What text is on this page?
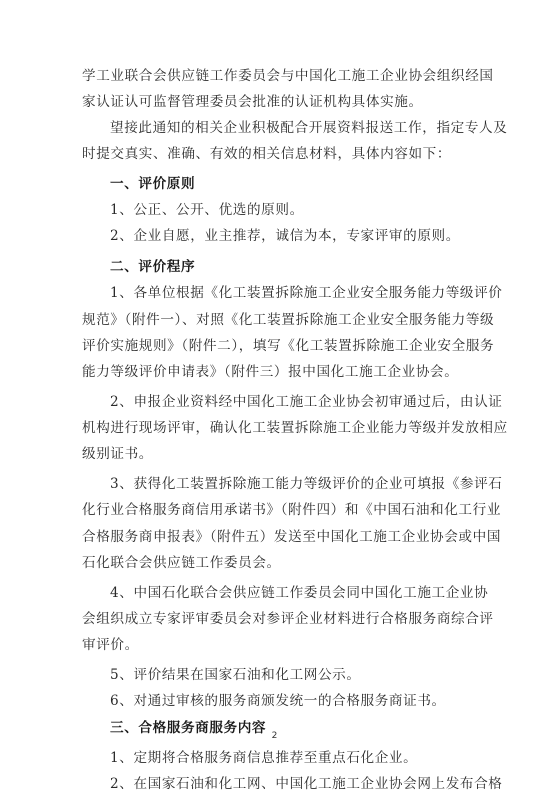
学工业联合会供应链工作委员会与中国化工施工企业协会组织经国
家认证认可监督管理委员会批准的认证机构具体实施。
望接此通知的相关企业积极配合开展资料报送工作，指定专人及
时提交真实、准确、有效的相关信息材料，具体内容如下：
一、评价原则
1、公正、公开、优选的原则。
2、企业自愿，业主推荐，诚信为本，专家评审的原则。
二、评价程序
1、各单位根据《化工装置拆除施工企业安全服务能力等级评价
规范》（附件一）、对照《化工装置拆除施工企业安全服务能力等级
评价实施规则》（附件二），填写《化工装置拆除施工企业安全服务
能力等级评价申请表》（附件三）报中国化工施工企业协会。
2、申报企业资料经中国化工施工企业协会初审通过后，由认证
机构进行现场评审，确认化工装置拆除施工企业能力等级并发放相应
级别证书。
3、获得化工装置拆除施工能力等级评价的企业可填报《参评石
化行业合格服务商信用承诺书》（附件四）和《中国石油和化工行业
合格服务商申报表》（附件五）发送至中国化工施工企业协会或中国
石化联合会供应链工作委员会。
4、中国石化联合会供应链工作委员会同中国化工施工企业协
会组织成立专家评审委员会对参评企业材料进行合格服务商综合评
审评价。
5、评价结果在国家石油和化工网公示。
6、对通过审核的服务商颁发统一的合格服务商证书。
三、合格服务商服务内容
1、定期将合格服务商信息推荐至重点石化企业。
2、在国家石油和化工网、中国化工施工企业协会网上发布合格
2
